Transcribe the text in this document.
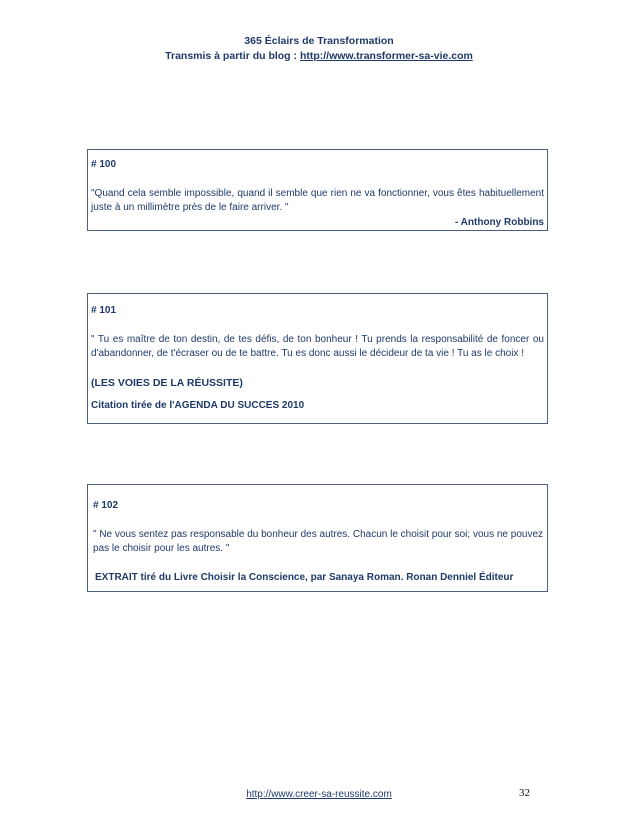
365 Éclairs de Transformation
Transmis à partir du blog : http://www.transformer-sa-vie.com
# 100
"Quand cela semble impossible, quand il semble que rien ne va fonctionner, vous êtes habituellement juste à un millimètre près de le faire arriver. "
- Anthony Robbins
# 101
" Tu es maître de ton destin, de tes défis, de ton bonheur ! Tu prends la responsabilité de foncer ou d'abandonner, de t'écraser ou de te battre. Tu es donc aussi le décideur de ta vie ! Tu as le choix !
(LES VOIES DE LA RÉUSSITE)
Citation tirée de l'AGENDA DU SUCCES 2010
# 102
" Ne vous sentez pas responsable du bonheur des autres. Chacun le choisit pour soi; vous ne pouvez pas le choisir pour les autres. "
EXTRAIT tiré du Livre Choisir la Conscience, par Sanaya Roman. Ronan Denniel Éditeur
http://www.creer-sa-reussite.com	32
